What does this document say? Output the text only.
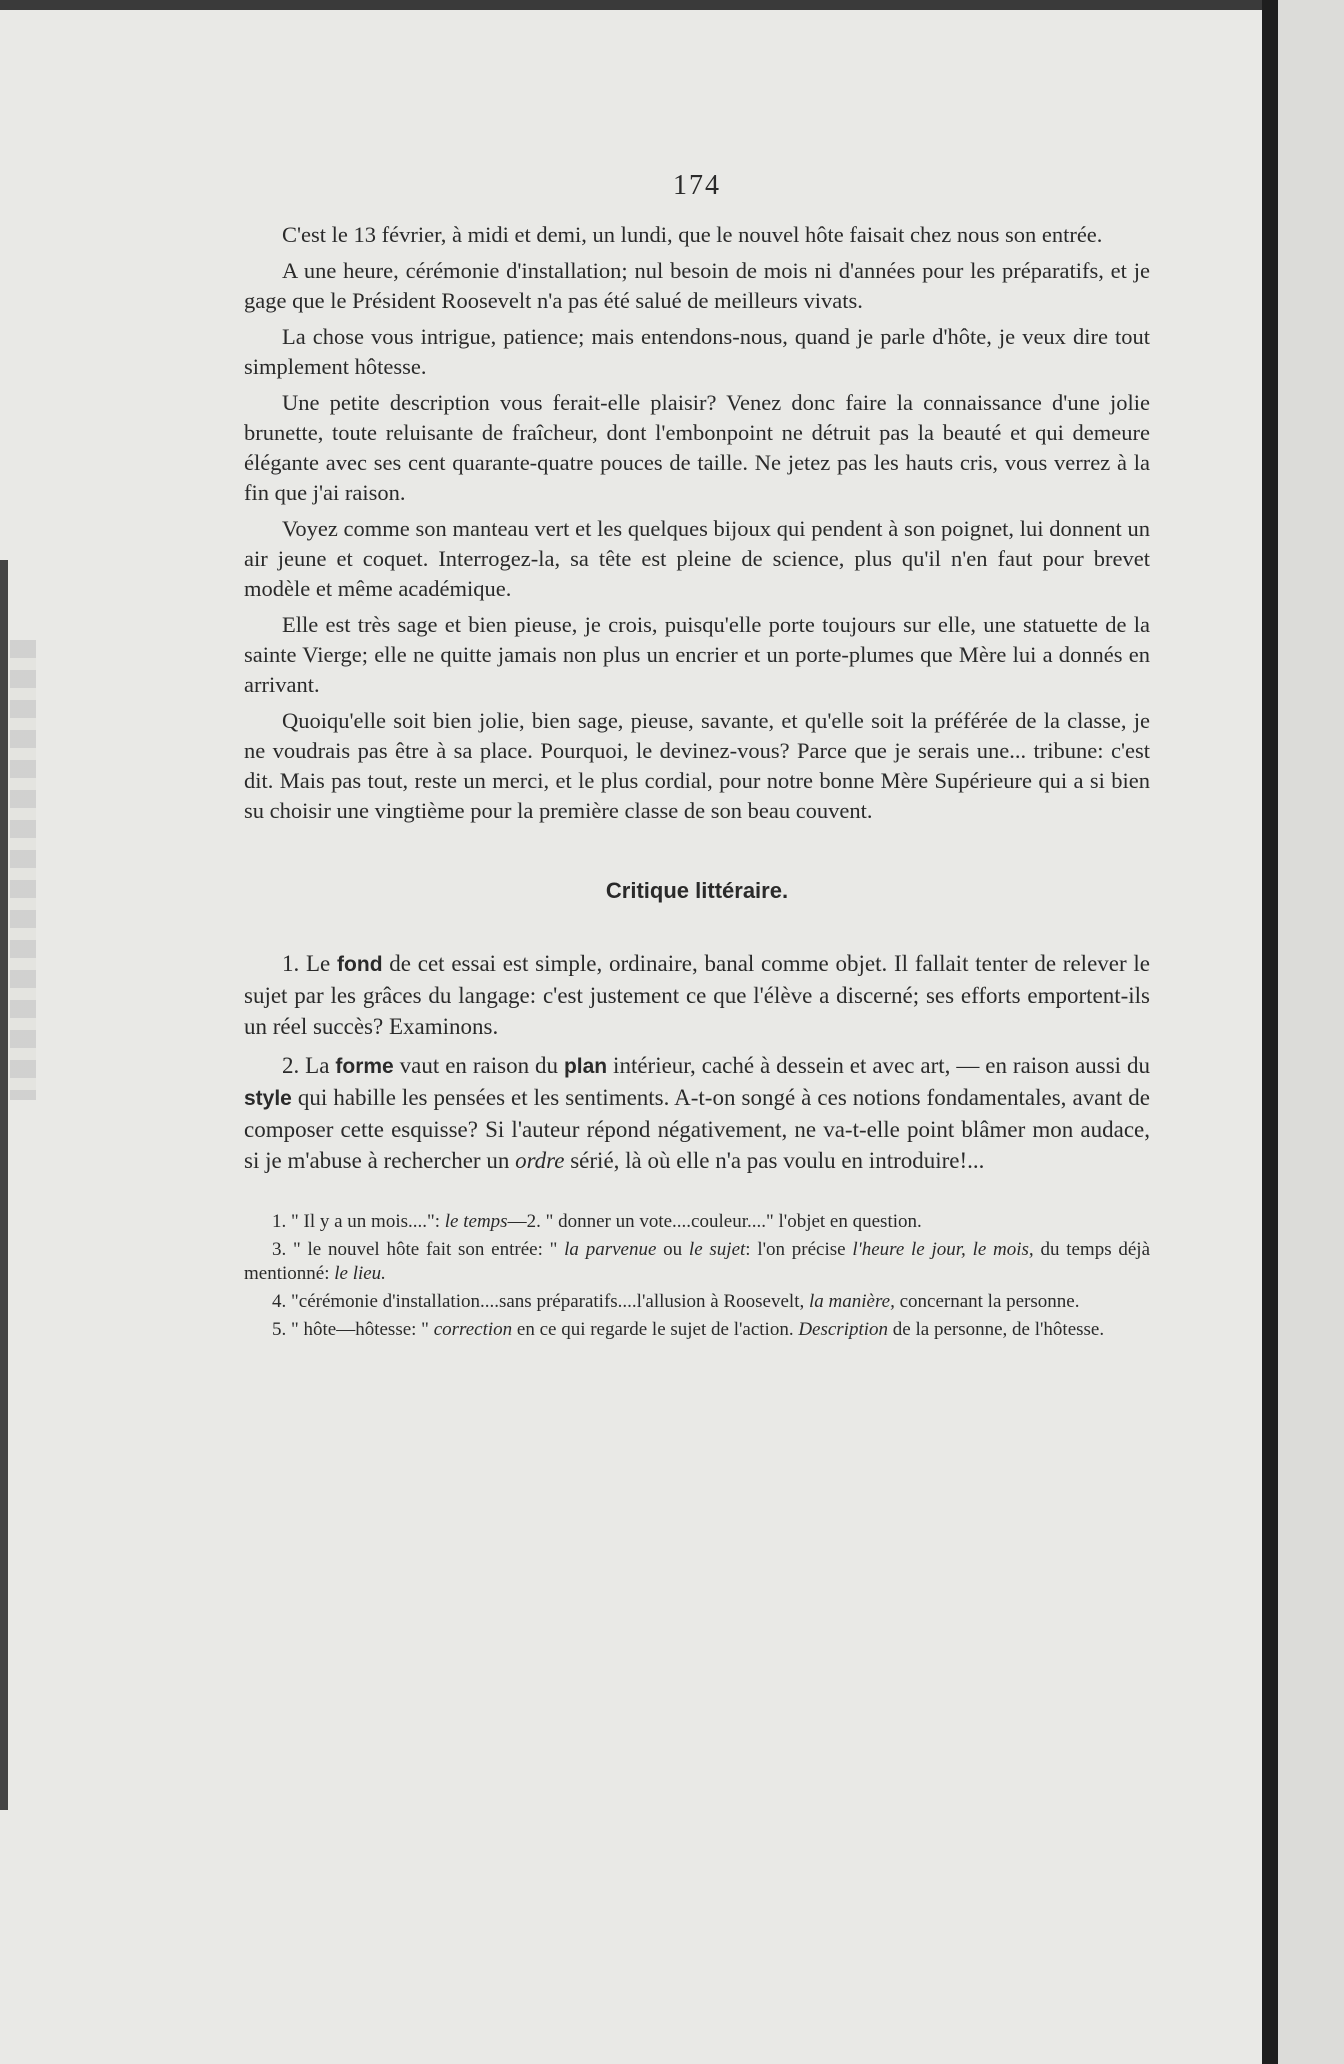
174

C'est le 13 février, à midi et demi, un lundi, que le nouvel hôte faisait chez nous son entrée.

A une heure, cérémonie d'installation; nul besoin de mois ni d'années pour les préparatifs, et je gage que le Président Roosevelt n'a pas été salué de meilleurs vivats.

La chose vous intrigue, patience; mais entendons-nous, quand je parle d'hôte, je veux dire tout simplement hôtesse.

Une petite description vous ferait-elle plaisir? Venez donc faire la connaissance d'une jolie brunette, toute reluisante de fraîcheur, dont l'embonpoint ne détruit pas la beauté et qui demeure élégante avec ses cent quarante-quatre pouces de taille. Ne jetez pas les hauts cris, vous verrez à la fin que j'ai raison.

Voyez comme son manteau vert et les quelques bijoux qui pendent à son poignet, lui donnent un air jeune et coquet. Interrogez-la, sa tête est pleine de science, plus qu'il n'en faut pour brevet modèle et même académique.

Elle est très sage et bien pieuse, je crois, puisqu'elle porte toujours sur elle, une statuette de la sainte Vierge; elle ne quitte jamais non plus un encrier et un porte-plumes que Mère lui a donnés en arrivant.

Quoiqu'elle soit bien jolie, bien sage, pieuse, savante, et qu'elle soit la préférée de la classe, je ne voudrais pas être à sa place. Pourquoi, le devinez-vous? Parce que je serais une... tribune: c'est dit. Mais pas tout, reste un merci, et le plus cordial, pour notre bonne Mère Supérieure qui a si bien su choisir une vingtième pour la première classe de son beau couvent.

Critique littéraire.

1. Le fond de cet essai est simple, ordinaire, banal comme objet. Il fallait tenter de relever le sujet par les grâces du langage: c'est justement ce que l'élève a discerné; ses efforts emportent-ils un réel succès? Examinons.

2. La forme vaut en raison du plan intérieur, caché à dessein et avec art, — en raison aussi du style qui habille les pensées et les sentiments. A-t-on songé à ces notions fondamentales, avant de composer cette esquisse? Si l'auteur répond négativement, ne va-t-elle point blâmer mon audace, si je m'abuse à rechercher un ordre sérié, là où elle n'a pas voulu en introduire!...

1. " Il y a un mois....": le temps—2. " donner un vote....couleur...." l'objet en question.

3. " le nouvel hôte fait son entrée: " la parvenue ou le sujet: l'on précise l'heure le jour, le mois, du temps déjà mentionné: le lieu.

4. "cérémonie d'installation....sans préparatifs....l'allusion à Roosevelt, la manière, concernant la personne.

5. " hôte—hôtesse: " correction en ce qui regarde le sujet de l'action. Description de la personne, de l'hôtesse.
